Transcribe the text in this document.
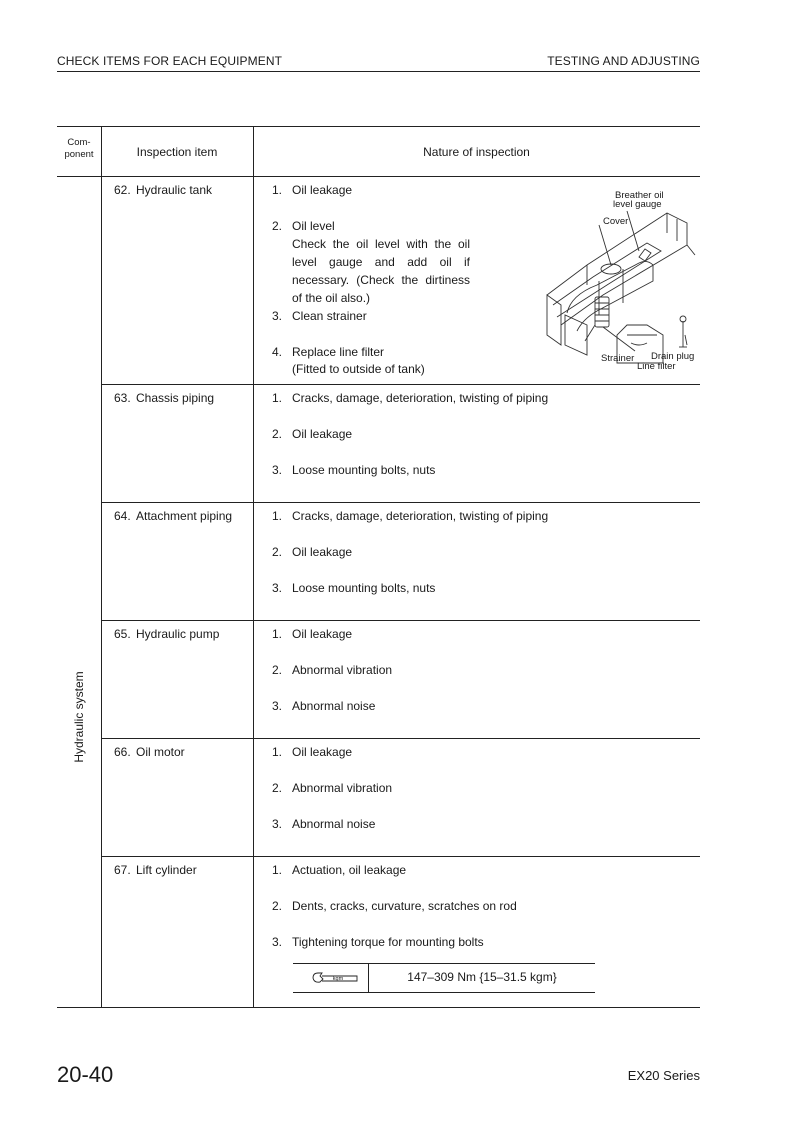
CHECK ITEMS FOR EACH EQUIPMENT	TESTING AND ADJUSTING
Com-
ponent	Inspection item	Nature of inspection
Hydraulic system
62. Hydraulic tank	1. Oil leakage
2. Oil level
Check the oil level with the oil level gauge and add oil if necessary. (Check the dirtiness of the oil also.)
3. Clean strainer
4. Replace line filter
(Fitted to outside of tank)
Breather oil
level gauge
Cover
Strainer
Line filter
Drain plug
63. Chassis piping	1. Cracks, damage, deterioration, twisting of piping
2. Oil leakage
3. Loose mounting bolts, nuts
64. Attachment piping	1. Cracks, damage, deterioration, twisting of piping
2. Oil leakage
3. Loose mounting bolts, nuts
65. Hydraulic pump	1. Oil leakage
2. Abnormal vibration
3. Abnormal noise
66. Oil motor	1. Oil leakage
2. Abnormal vibration
3. Abnormal noise
67. Lift cylinder	1. Actuation, oil leakage
2. Dents, cracks, curvature, scratches on rod
3. Tightening torque for mounting bolts
kgm	147–309 Nm {15–31.5 kgm}
20-40	EX20 Series
